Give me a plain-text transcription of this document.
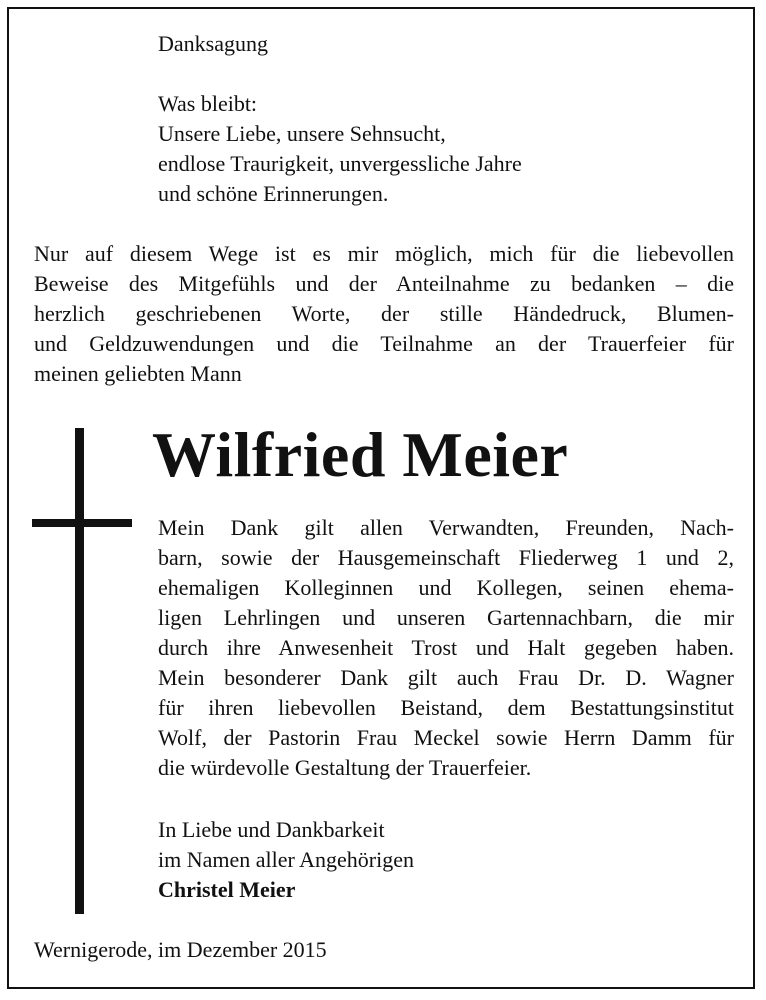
Danksagung
Was bleibt:
Unsere Liebe, unsere Sehnsucht,
endlose Traurigkeit, unvergessliche Jahre
und schöne Erinnerungen.
Nur auf diesem Wege ist es mir möglich, mich für die liebevollen
Beweise des Mitgefühls und der Anteilnahme zu bedanken – die
herzlich geschriebenen Worte, der stille Händedruck, Blumen-
und Geldzuwendungen und die Teilnahme an der Trauerfeier für
meinen geliebten Mann
Wilfried Meier
Mein Dank gilt allen Verwandten, Freunden, Nach-
barn, sowie der Hausgemeinschaft Fliederweg 1 und 2,
ehemaligen Kolleginnen und Kollegen, seinen ehema-
ligen Lehrlingen und unseren Gartennachbarn, die mir
durch ihre Anwesenheit Trost und Halt gegeben haben.
Mein besonderer Dank gilt auch Frau Dr. D. Wagner
für ihren liebevollen Beistand, dem Bestattungsinstitut
Wolf, der Pastorin Frau Meckel sowie Herrn Damm für
die würdevolle Gestaltung der Trauerfeier.
In Liebe und Dankbarkeit
im Namen aller Angehörigen
Christel Meier
Wernigerode, im Dezember 2015
